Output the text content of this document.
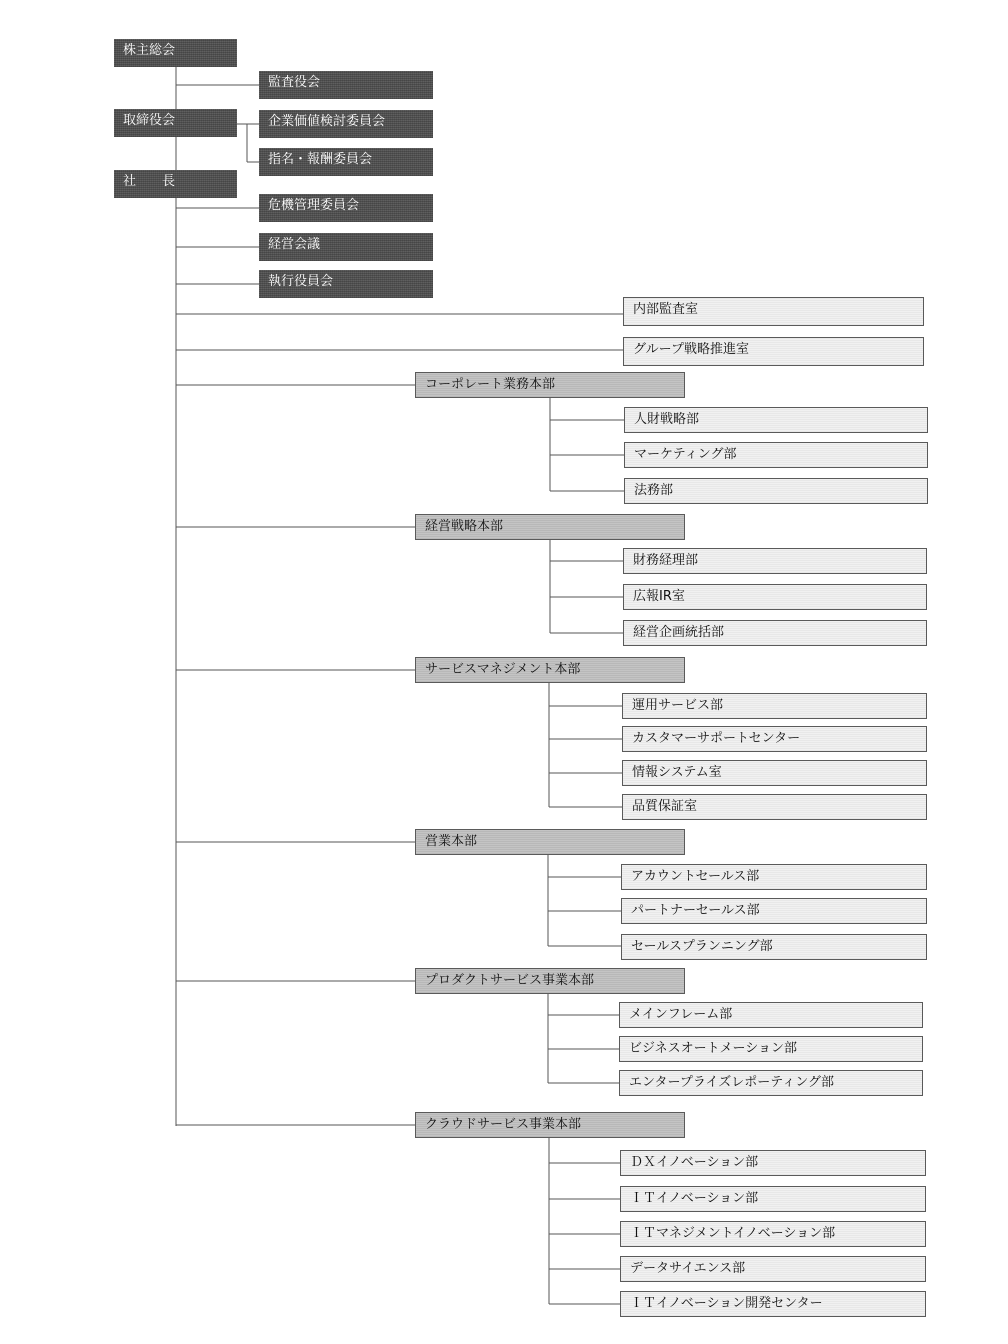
株主総会
監査役会
取締役会	企業価値検討委員会
指名・報酬委員会
社　　長
危機管理委員会
経営会議
執行役員会
内部監査室
グループ戦略推進室
コーポレート業務本部
人財戦略部
マーケティング部
法務部
経営戦略本部
財務経理部
広報IR室
経営企画統括部
サービスマネジメント本部
運用サービス部
カスタマーサポートセンター
情報システム室
品質保証室
営業本部
アカウントセールス部
パートナーセールス部
セールスプランニング部
プロダクトサービス事業本部
メインフレーム部
ビジネスオートメーション部
エンタープライズレポーティング部
クラウドサービス事業本部
ＤＸイノベーション部
ＩＴイノベーション部
ＩＴマネジメントイノベーション部
データサイエンス部
ＩＴイノベーション開発センター
